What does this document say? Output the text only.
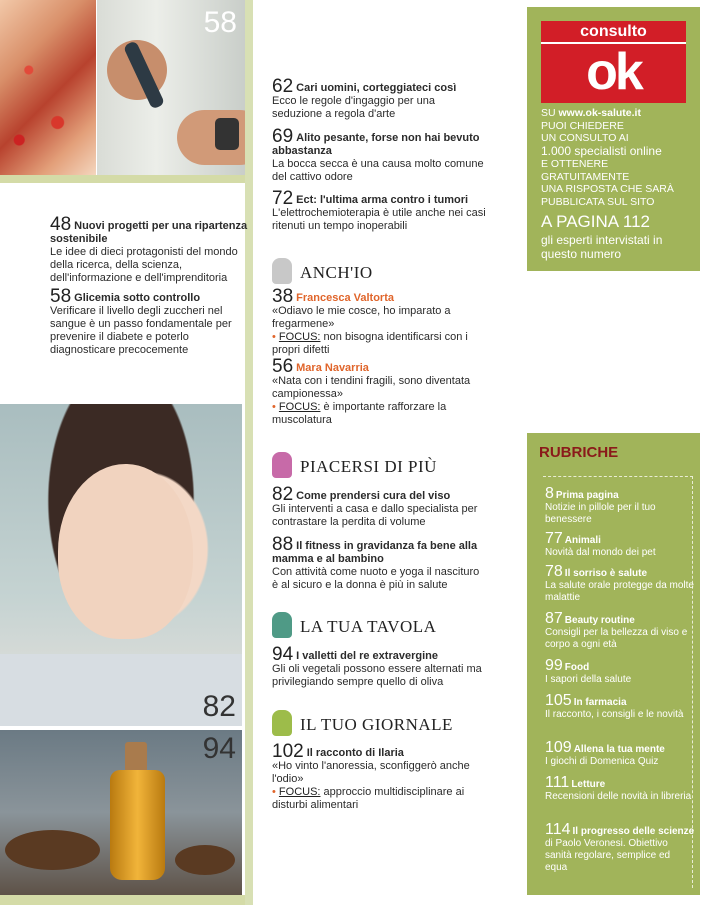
58
82
94
48 Nuovi progetti per una ripartenza sostenibile
Le idee di dieci protagonisti del mondo della ricerca, della scienza, dell'informazione e dell'imprenditoria
58 Glicemia sotto controllo
Verificare il livello degli zuccheri nel sangue è un passo fondamentale per prevenire il diabete e poterlo diagnosticare precocemente
62 Cari uomini, corteggiateci così
Ecco le regole d'ingaggio per una seduzione a regola d'arte
69 Alito pesante, forse non hai bevuto abbastanza
La bocca secca è una causa molto comune del cattivo odore
72 Ect: l'ultima arma contro i tumori
L'elettrochemioterapia è utile anche nei casi ritenuti un tempo inoperabili
ANCH'IO
38 Francesca Valtorta
«Odiavo le mie cosce, ho imparato a fregarmene»
• FOCUS: non bisogna identificarsi con i propri difetti
56 Mara Navarria
«Nata con i tendini fragili, sono diventata campionessa»
• FOCUS: è importante rafforzare la muscolatura
PIACERSI DI PIÙ
82 Come prendersi cura del viso
Gli interventi a casa e dallo specialista per contrastare la perdita di volume
88 Il fitness in gravidanza fa bene alla mamma e al bambino
Con attività come nuoto e yoga il nascituro è al sicuro e la donna è più in salute
LA TUA TAVOLA
94 I valletti del re extravergine
Gli oli vegetali possono essere alternati ma privilegiando sempre quello di oliva
IL TUO GIORNALE
102 Il racconto di Ilaria
«Ho vinto l'anoressia, sconfiggerò anche l'odio»
• FOCUS: approccio multidisciplinare ai disturbi alimentari
consulto
ok
SU www.ok-salute.it
PUOI CHIEDERE
UN CONSULTO AI
1.000 specialisti online
E OTTENERE GRATUITAMENTE
UNA RISPOSTA CHE SARÀ
PUBBLICATA SUL SITO
A PAGINA 112
gli esperti intervistati in questo numero
RUBRICHE
8 Prima pagina
Notizie in pillole per il tuo benessere
77 Animali
Novità dal mondo dei pet
78 Il sorriso è salute
La salute orale protegge da molte malattie
87 Beauty routine
Consigli per la bellezza di viso e corpo a ogni età
99 Food
I sapori della salute
105 In farmacia
Il racconto, i consigli e le novità
109 Allena la tua mente
I giochi di Domenica Quiz
111 Letture
Recensioni delle novità in libreria
114 Il progresso delle scienze
di Paolo Veronesi. Obiettivo sanità regolare, semplice ed equa
